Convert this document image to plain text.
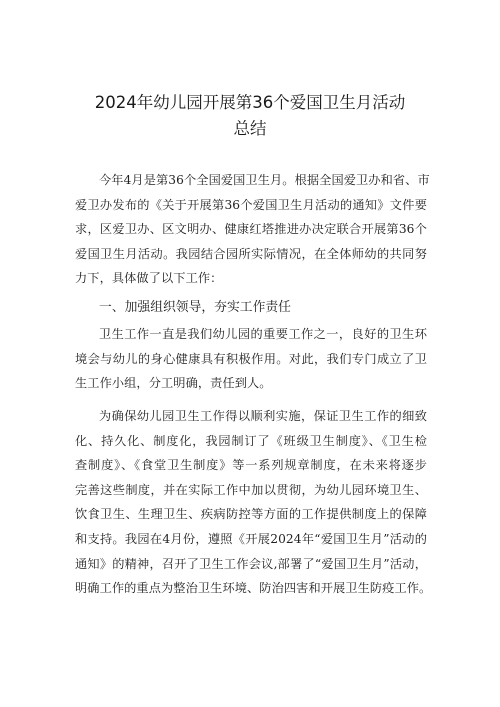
2024年幼儿园开展第36个爱国卫生月活动
总结
今年4月是第36个全国爱国卫生月。根据全国爱卫办和省、市
爱卫办发布的《关于开展第36个爱国卫生月活动的通知》文件要
求，区爱卫办、区文明办、健康红塔推进办决定联合开展第36个
爱国卫生月活动。我园结合园所实际情况，在全体师幼的共同努
力下，具体做了以下工作：
一、加强组织领导，夯实工作责任
卫生工作一直是我们幼儿园的重要工作之一，良好的卫生环
境会与幼儿的身心健康具有积极作用。对此，我们专门成立了卫
生工作小组，分工明确，责任到人。
为确保幼儿园卫生工作得以顺利实施，保证卫生工作的细致
化、持久化、制度化，我园制订了《班级卫生制度》、《卫生检
查制度》、《食堂卫生制度》等一系列规章制度，在未来将逐步
完善这些制度，并在实际工作中加以贯彻，为幼儿园环境卫生、
饮食卫生、生理卫生、疾病防控等方面的工作提供制度上的保障
和支持。我园在4月份，遵照《开展2024年“爱国卫生月”活动的
通知》的精神，召开了卫生工作会议,部署了“爱国卫生月”活动，
明确工作的重点为整治卫生环境、防治四害和开展卫生防疫工作。
